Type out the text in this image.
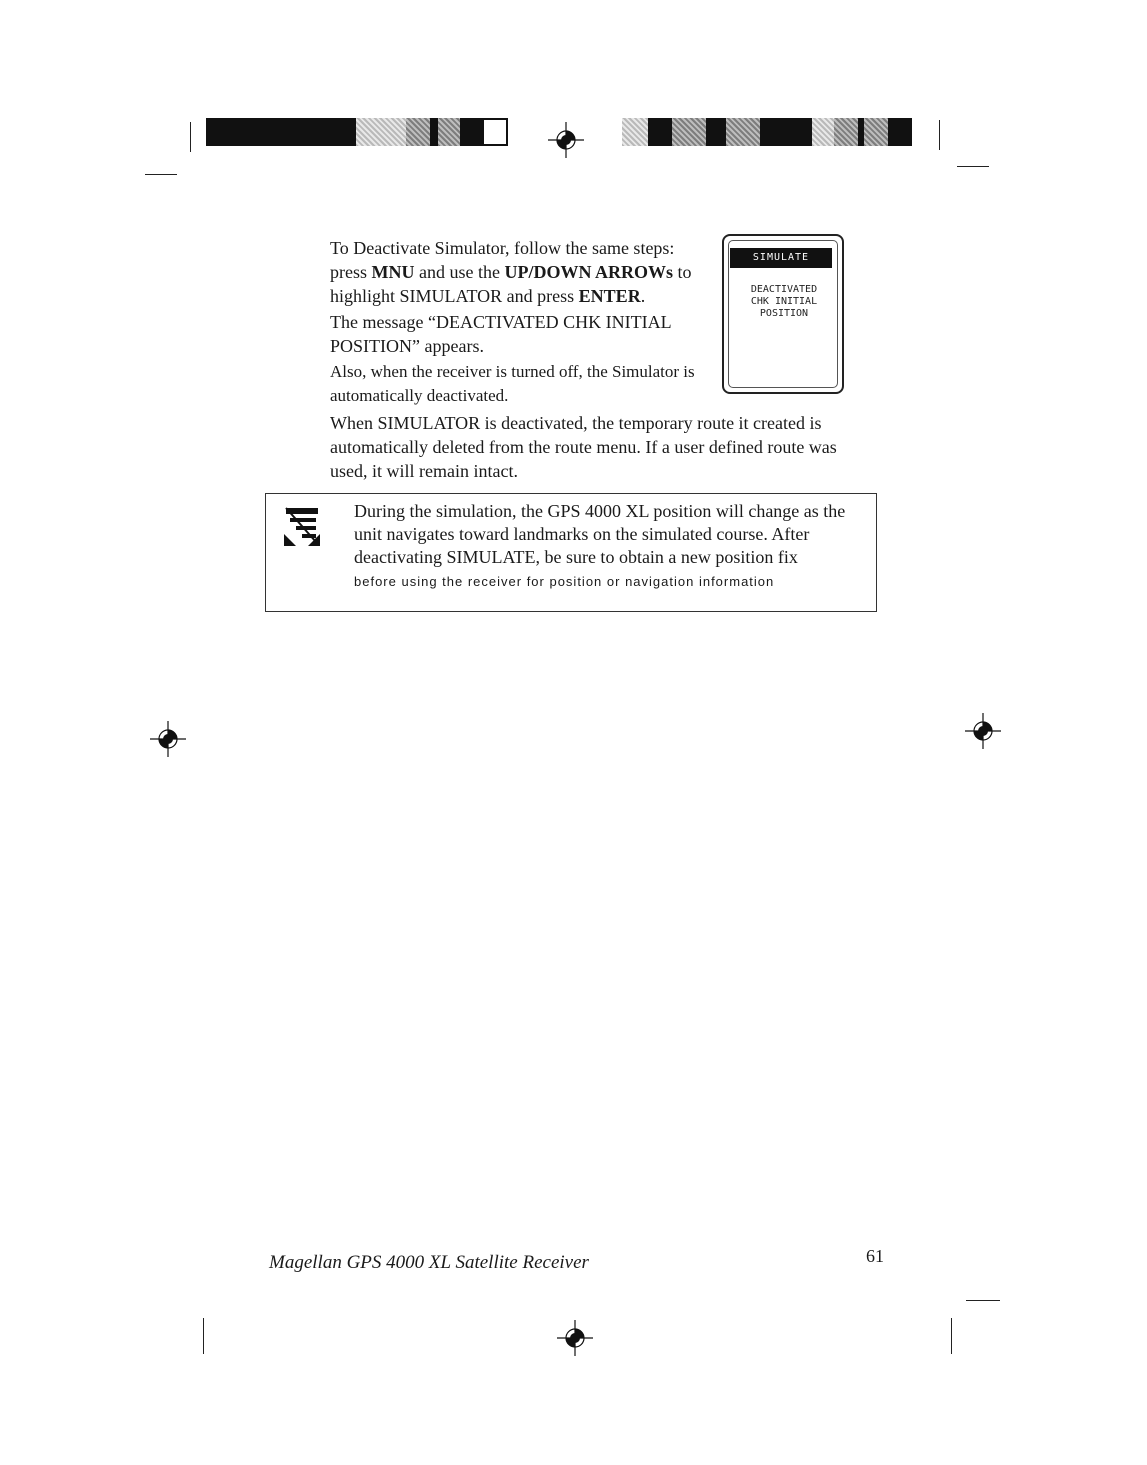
To Deactivate Simulator, follow the same steps: press MNU and use the UP/DOWN ARROWs to highlight SIMULATOR and press ENTER.

The message “DEACTIVATED CHK INITIAL POSITION” appears.

Also, when the receiver is turned off, the Simulator is automatically deactivated.

When SIMULATOR is deactivated, the temporary route it created is automatically deleted from the route menu. If a user defined route was used, it will remain intact.

SIMULATE
DEACTIVATED
CHK INITIAL
POSITION
During the simulation, the GPS 4000 XL position will change as the unit navigates toward landmarks on the simulated course. After deactivating SIMULATE, be sure to obtain a new position fix
before using the receiver for position or navigation information
Magellan GPS 4000 XL Satellite Receiver	61
